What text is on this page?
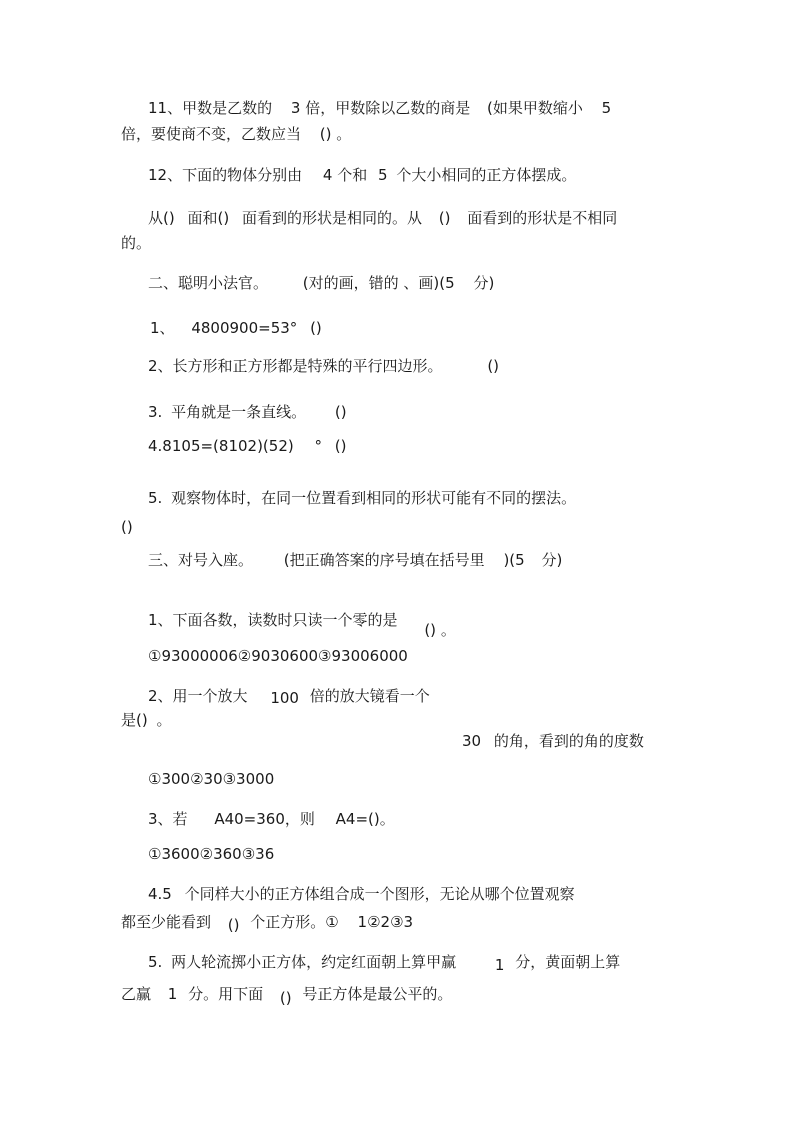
11、甲数是乙数的 3 倍，甲数除以乙数的商是 (如果甲数缩小 5
倍，要使商不变，乙数应当 () 。
12、下面的物体分别由 4 个和 5 个大小相同的正方体摆成。
从() 面和() 面看到的形状是相同的。从 () 面看到的形状是不相同
的。
二、聪明小法官。 (对的画，错的 、画)(5 分)
1、 4800900=53° ()
2、长方形和正方形都是特殊的平行四边形。	()
3. 平角就是一条直线。 ()
4.8105=(8102)(52) ° ()
5. 观察物体时，在同一位置看到相同的形状可能有不同的摆法。
()
三、对号入座。 (把正确答案的序号填在括号里 )(5 分)
1、下面各数，读数时只读一个零的是 () 。
①93000006②9030600③93006000
2、用一个放大 100 倍的放大镜看一个
是() 。
30 的角，看到的角的度数
①300②30③3000
3、若 A40=360，则 A4=()。
①3600②360③36
4.5 个同样大小的正方体组合成一个图形，无论从哪个位置观察
都至少能看到 () 个正方形。① 1②2③3
5. 两人轮流掷小正方体，约定红面朝上算甲赢	1 分，黄面朝上算
乙赢 1 分。用下面 () 号正方体是最公平的。
